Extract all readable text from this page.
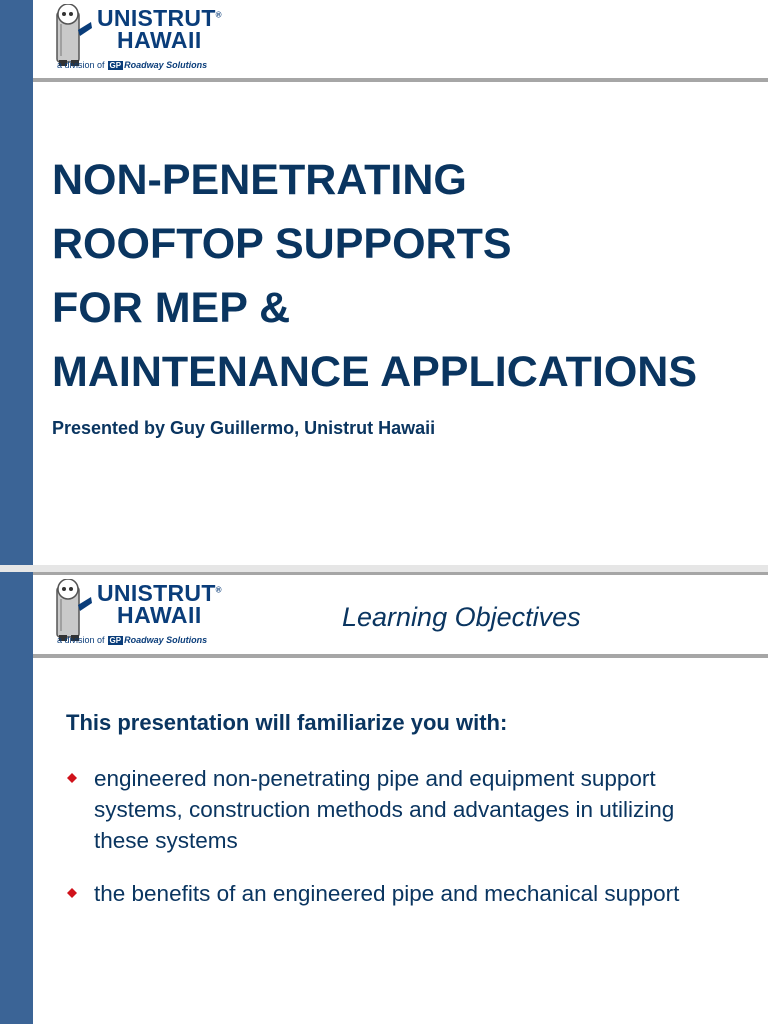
UNISTRUT®
HAWAII
a division of GP Roadway Solutions
NON-PENETRATING
ROOFTOP SUPPORTS
FOR MEP &
MAINTENANCE APPLICATIONS
Presented by Guy Guillermo, Unistrut Hawaii
UNISTRUT®
HAWAII
a division of GP Roadway Solutions
Learning Objectives
This presentation will familiarize you with:
engineered non-penetrating pipe and equipment support systems, construction methods and advantages in utilizing these systems
the benefits of an engineered pipe and mechanical support
